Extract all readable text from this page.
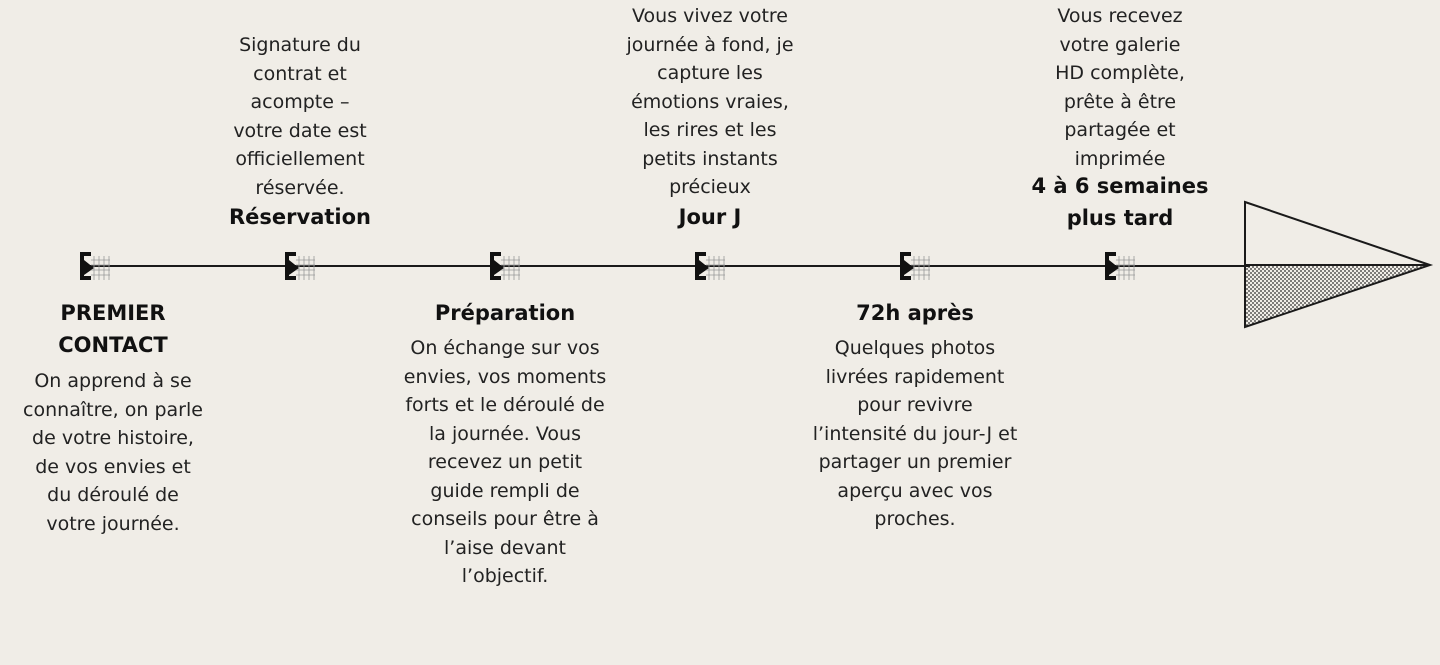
PREMIER
CONTACT
On apprend à se
connaître, on parle
de votre histoire,
de vos envies et
du déroulé de
votre journée.
Signature du
contrat et
acompte –
votre date est
officiellement
réservée.
Réservation
Préparation
On échange sur vos
envies, vos moments
forts et le déroulé de
la journée. Vous
recevez un petit
guide rempli de
conseils pour être à
l’aise devant
l’objectif.
Vous vivez votre
journée à fond, je
capture les
émotions vraies,
les rires et les
petits instants
précieux
Jour J
72h après
Quelques photos
livrées rapidement
pour revivre
l’intensité du jour-J et
partager un premier
aperçu avec vos
proches.
Vous recevez
votre galerie
HD complète,
prête à être
partagée et
imprimée
4 à 6 semaines
plus tard
